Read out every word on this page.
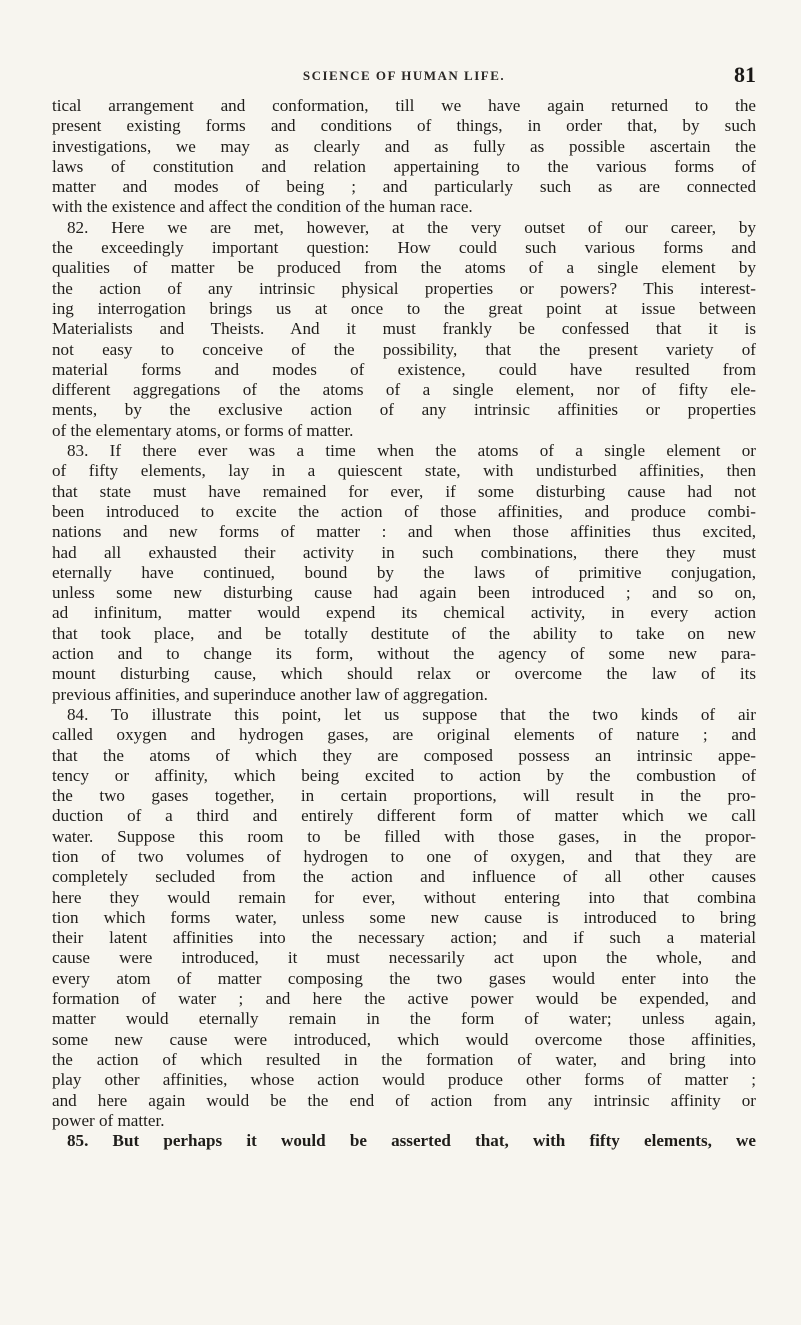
SCIENCE OF HUMAN LIFE.	81
tical arrangement and conformation, till we have again returned to the
present existing forms and conditions of things, in order that, by such
investigations, we may as clearly and as fully as possible ascertain the
laws of constitution and relation appertaining to the various forms of
matter and modes of being ; and particularly such as are connected
with the existence and affect the condition of the human race.
82. Here we are met, however, at the very outset of our career, by
the exceedingly important question: How could such various forms and
qualities of matter be produced from the atoms of a single element by
the action of any intrinsic physical properties or powers? This interest-
ing interrogation brings us at once to the great point at issue between
Materialists and Theists. And it must frankly be confessed that it is
not easy to conceive of the possibility, that the present variety of
material forms and modes of existence, could have resulted from
different aggregations of the atoms of a single element, nor of fifty ele-
ments, by the exclusive action of any intrinsic affinities or properties
of the elementary atoms, or forms of matter.
83. If there ever was a time when the atoms of a single element or
of fifty elements, lay in a quiescent state, with undisturbed affinities, then
that state must have remained for ever, if some disturbing cause had not
been introduced to excite the action of those affinities, and produce combi-
nations and new forms of matter : and when those affinities thus excited,
had all exhausted their activity in such combinations, there they must
eternally have continued, bound by the laws of primitive conjugation,
unless some new disturbing cause had again been introduced ; and so on,
ad infinitum, matter would expend its chemical activity, in every action
that took place, and be totally destitute of the ability to take on new
action and to change its form, without the agency of some new para-
mount disturbing cause, which should relax or overcome the law of its
previous affinities, and superinduce another law of aggregation.
84. To illustrate this point, let us suppose that the two kinds of air
called oxygen and hydrogen gases, are original elements of nature ; and
that the atoms of which they are composed possess an intrinsic appe-
tency or affinity, which being excited to action by the combustion of
the two gases together, in certain proportions, will result in the pro-
duction of a third and entirely different form of matter which we call
water. Suppose this room to be filled with those gases, in the propor-
tion of two volumes of hydrogen to one of oxygen, and that they are
completely secluded from the action and influence of all other causes
here they would remain for ever, without entering into that combina
tion which forms water, unless some new cause is introduced to bring
their latent affinities into the necessary action; and if such a material
cause were introduced, it must necessarily act upon the whole, and
every atom of matter composing the two gases would enter into the
formation of water ; and here the active power would be expended, and
matter would eternally remain in the form of water; unless again,
some new cause were introduced, which would overcome those affinities,
the action of which resulted in the formation of water, and bring into
play other affinities, whose action would produce other forms of matter ;
and here again would be the end of action from any intrinsic affinity or
power of matter.
85. But perhaps it would be asserted that, with fifty elements, we
